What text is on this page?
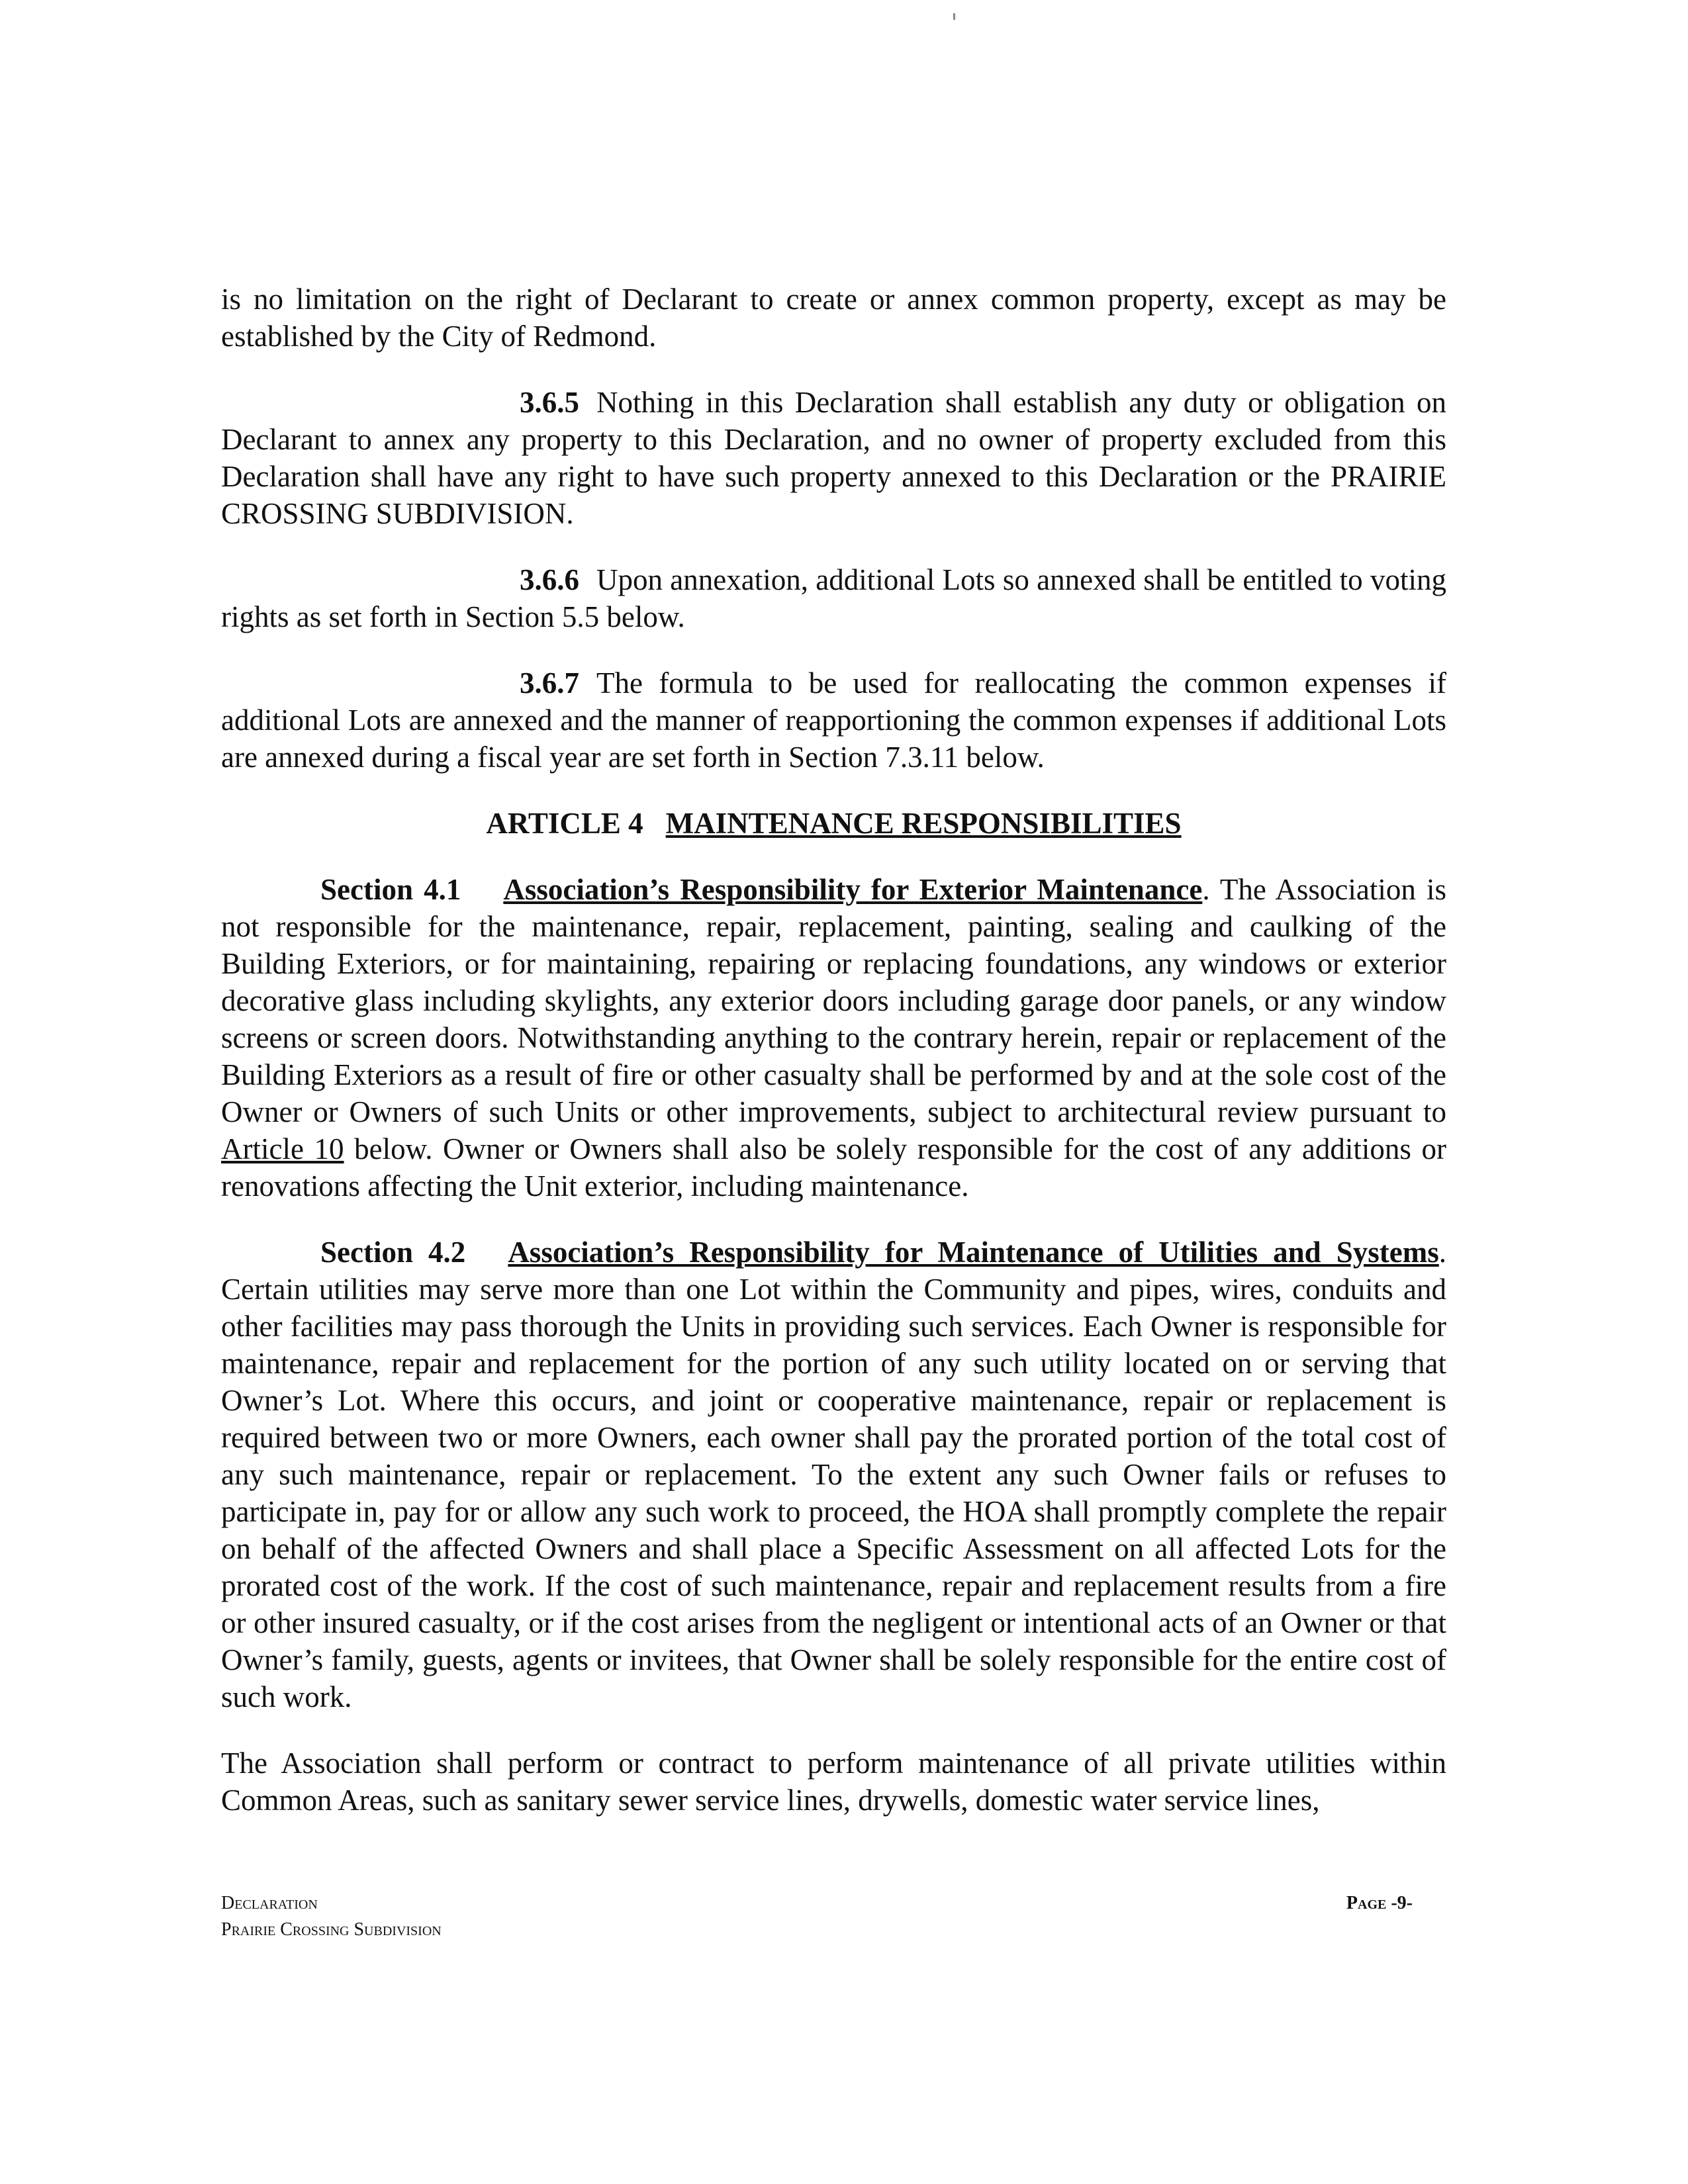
is no limitation on the right of Declarant to create or annex common property, except as may be established by the City of Redmond.

3.6.5 Nothing in this Declaration shall establish any duty or obligation on Declarant to annex any property to this Declaration, and no owner of property excluded from this Declaration shall have any right to have such property annexed to this Declaration or the PRAIRIE CROSSING SUBDIVISION.

3.6.6 Upon annexation, additional Lots so annexed shall be entitled to voting rights as set forth in Section 5.5 below.

3.6.7 The formula to be used for reallocating the common expenses if additional Lots are annexed and the manner of reapportioning the common expenses if additional Lots are annexed during a fiscal year are set forth in Section 7.3.11 below.

ARTICLE 4 MAINTENANCE RESPONSIBILITIES

Section 4.1 Association’s Responsibility for Exterior Maintenance. The Association is not responsible for the maintenance, repair, replacement, painting, sealing and caulking of the Building Exteriors, or for maintaining, repairing or replacing foundations, any windows or exterior decorative glass including skylights, any exterior doors including garage door panels, or any window screens or screen doors. Notwithstanding anything to the contrary herein, repair or replacement of the Building Exteriors as a result of fire or other casualty shall be performed by and at the sole cost of the Owner or Owners of such Units or other improvements, subject to architectural review pursuant to Article 10 below. Owner or Owners shall also be solely responsible for the cost of any additions or renovations affecting the Unit exterior, including maintenance.

Section 4.2 Association’s Responsibility for Maintenance of Utilities and Systems. Certain utilities may serve more than one Lot within the Community and pipes, wires, conduits and other facilities may pass thorough the Units in providing such services. Each Owner is responsible for maintenance, repair and replacement for the portion of any such utility located on or serving that Owner’s Lot. Where this occurs, and joint or cooperative maintenance, repair or replacement is required between two or more Owners, each owner shall pay the prorated portion of the total cost of any such maintenance, repair or replacement. To the extent any such Owner fails or refuses to participate in, pay for or allow any such work to proceed, the HOA shall promptly complete the repair on behalf of the affected Owners and shall place a Specific Assessment on all affected Lots for the prorated cost of the work. If the cost of such maintenance, repair and replacement results from a fire or other insured casualty, or if the cost arises from the negligent or intentional acts of an Owner or that Owner’s family, guests, agents or invitees, that Owner shall be solely responsible for the entire cost of such work.

The Association shall perform or contract to perform maintenance of all private utilities within Common Areas, such as sanitary sewer service lines, drywells, domestic water service lines,

Declaration
Prairie Crossing Subdivision
Page -9-
